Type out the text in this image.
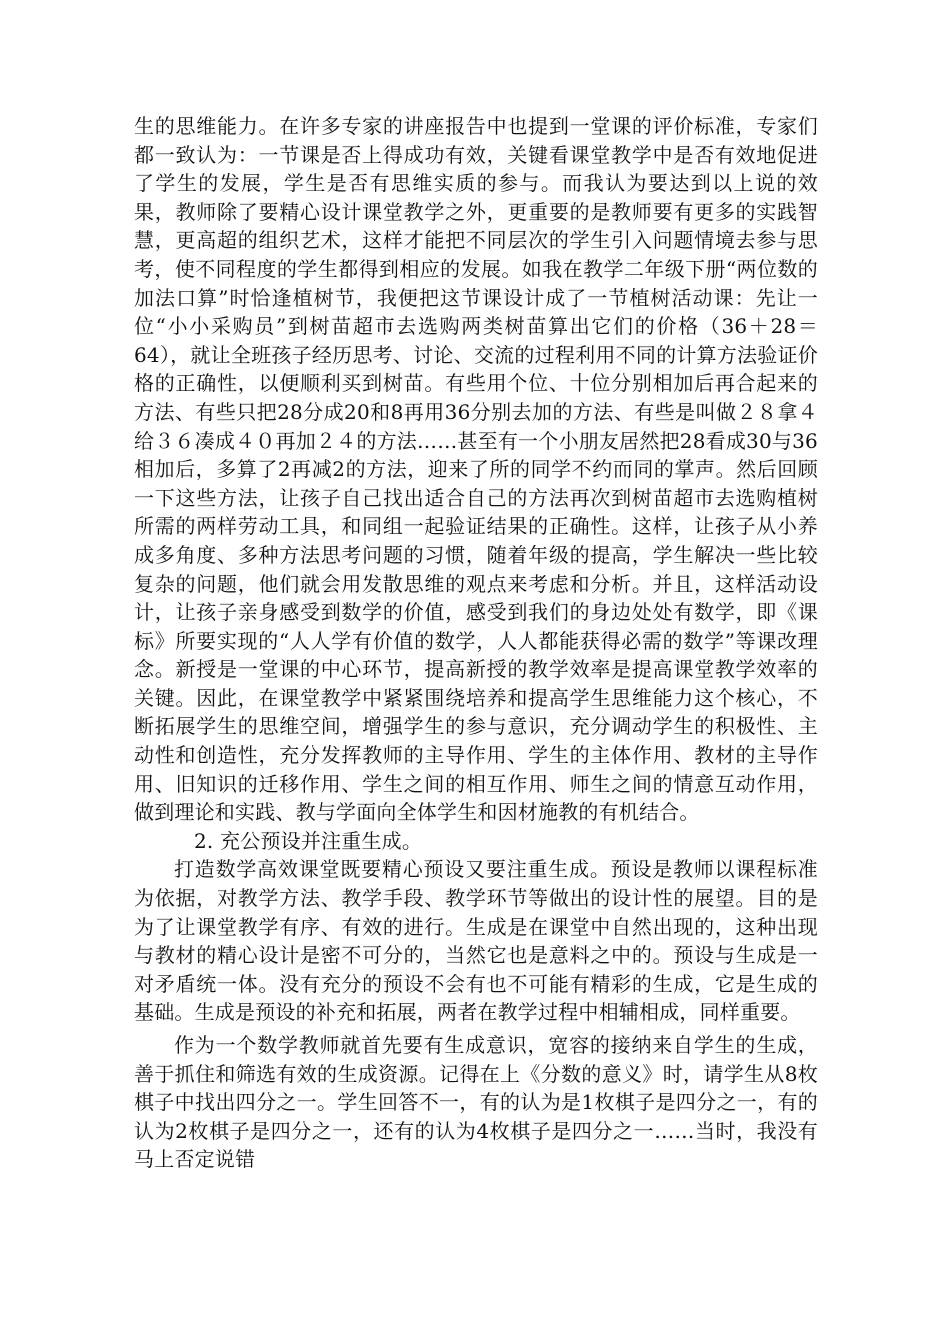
生的思维能力。在许多专家的讲座报告中也提到一堂课的评价标准，专家们都一致认为：一节课是否上得成功有效，关键看课堂教学中是否有效地促进了学生的发展，学生是否有思维实质的参与。而我认为要达到以上说的效果，教师除了要精心设计课堂教学之外，更重要的是教师要有更多的实践智慧，更高超的组织艺术，这样才能把不同层次的学生引入问题情境去参与思考，使不同程度的学生都得到相应的发展。如我在教学二年级下册“两位数的加法口算”时恰逢植树节，我便把这节课设计成了一节植树活动课：先让一位“小小采购员”到树苗超市去选购两类树苗算出它们的价格（36＋28＝64），就让全班孩子经历思考、讨论、交流的过程利用不同的计算方法验证价格的正确性，以便顺利买到树苗。有些用个位、十位分别相加后再合起来的方法、有些只把28分成20和8再用36分别去加的方法、有些是叫做２８拿４给３６凑成４０再加２４的方法……甚至有一个小朋友居然把28看成30与36相加后，多算了2再减2的方法，迎来了所的同学不约而同的掌声。然后回顾一下这些方法，让孩子自己找出适合自己的方法再次到树苗超市去选购植树所需的两样劳动工具，和同组一起验证结果的正确性。这样，让孩子从小养成多角度、多种方法思考问题的习惯，随着年级的提高，学生解决一些比较复杂的问题，他们就会用发散思维的观点来考虑和分析。并且，这样活动设计，让孩子亲身感受到数学的价值，感受到我们的身边处处有数学，即《课标》所要实现的“人人学有价值的数学，人人都能获得必需的数学”等课改理念。新授是一堂课的中心环节，提高新授的教学效率是提高课堂教学效率的关键。因此，在课堂教学中紧紧围绕培养和提高学生思维能力这个核心，不断拓展学生的思维空间，增强学生的参与意识，充分调动学生的积极性、主动性和创造性，充分发挥教师的主导作用、学生的主体作用、教材的主导作用、旧知识的迁移作用、学生之间的相互作用、师生之间的情意互动作用，做到理论和实践、教与学面向全体学生和因材施教的有机结合。

2. 充公预设并注重生成。

打造数学高效课堂既要精心预设又要注重生成。预设是教师以课程标准为依据，对教学方法、教学手段、教学环节等做出的设计性的展望。目的是为了让课堂教学有序、有效的进行。生成是在课堂中自然出现的，这种出现与教材的精心设计是密不可分的，当然它也是意料之中的。预设与生成是一对矛盾统一体。没有充分的预设不会有也不可能有精彩的生成，它是生成的基础。生成是预设的补充和拓展，两者在教学过程中相辅相成，同样重要。

作为一个数学教师就首先要有生成意识，宽容的接纳来自学生的生成，善于抓住和筛选有效的生成资源。记得在上《分数的意义》时，请学生从8枚棋子中找出四分之一。学生回答不一，有的认为是1枚棋子是四分之一，有的认为2枚棋子是四分之一，还有的认为4枚棋子是四分之一……当时，我没有马上否定说错
